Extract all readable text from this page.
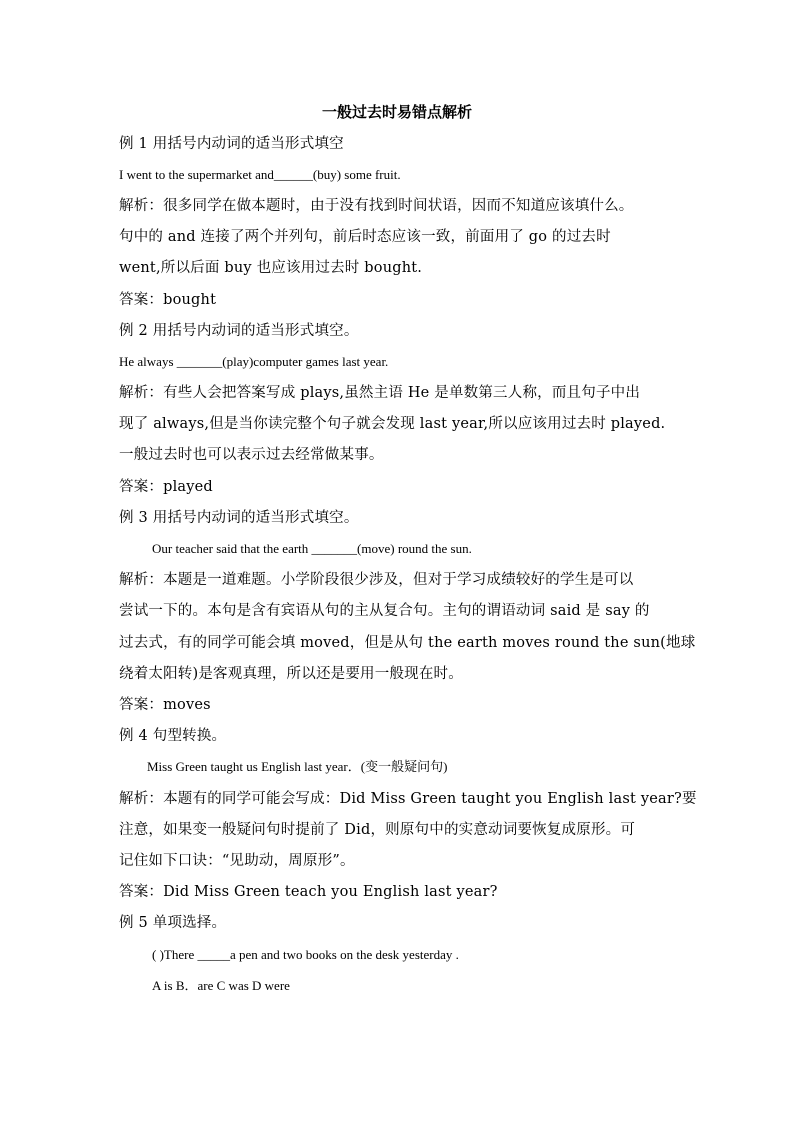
一般过去时易错点解析
例 1 用括号内动词的适当形式填空
I went to the supermarket and______(buy) some fruit.
解析：很多同学在做本题时，由于没有找到时间状语，因而不知道应该填什么。
句中的 and 连接了两个并列句，前后时态应该一致，前面用了 go 的过去时
went,所以后面 buy 也应该用过去时 bought.
答案：bought
例 2 用括号内动词的适当形式填空。
He always _______(play)computer games last year.
解析：有些人会把答案写成 plays,虽然主语 He 是单数第三人称，而且句子中出
现了 always,但是当你读完整个句子就会发现 last year,所以应该用过去时 played.
一般过去时也可以表示过去经常做某事。
答案：played
例 3 用括号内动词的适当形式填空。
Our teacher said that the earth _______(move) round the sun.
解析：本题是一道难题。小学阶段很少涉及，但对于学习成绩较好的学生是可以
尝试一下的。本句是含有宾语从句的主从复合句。主句的谓语动词 said 是 say 的
过去式，有的同学可能会填 moved，但是从句 the earth moves round the sun(地球
绕着太阳转)是客观真理，所以还是要用一般现在时。
答案：moves
例 4 句型转换。
Miss Green taught us English last year．(变一般疑问句)
解析：本题有的同学可能会写成：Did Miss Green taught you English last year?要
注意，如果变一般疑问句时提前了 Did，则原句中的实意动词要恢复成原形。可
记住如下口诀：“见助动，周原形”。
答案：Did Miss Green teach you English last year?
例 5 单项选择。
( )There _____a pen and two books on the desk yesterday .
A is B．are C was D were
